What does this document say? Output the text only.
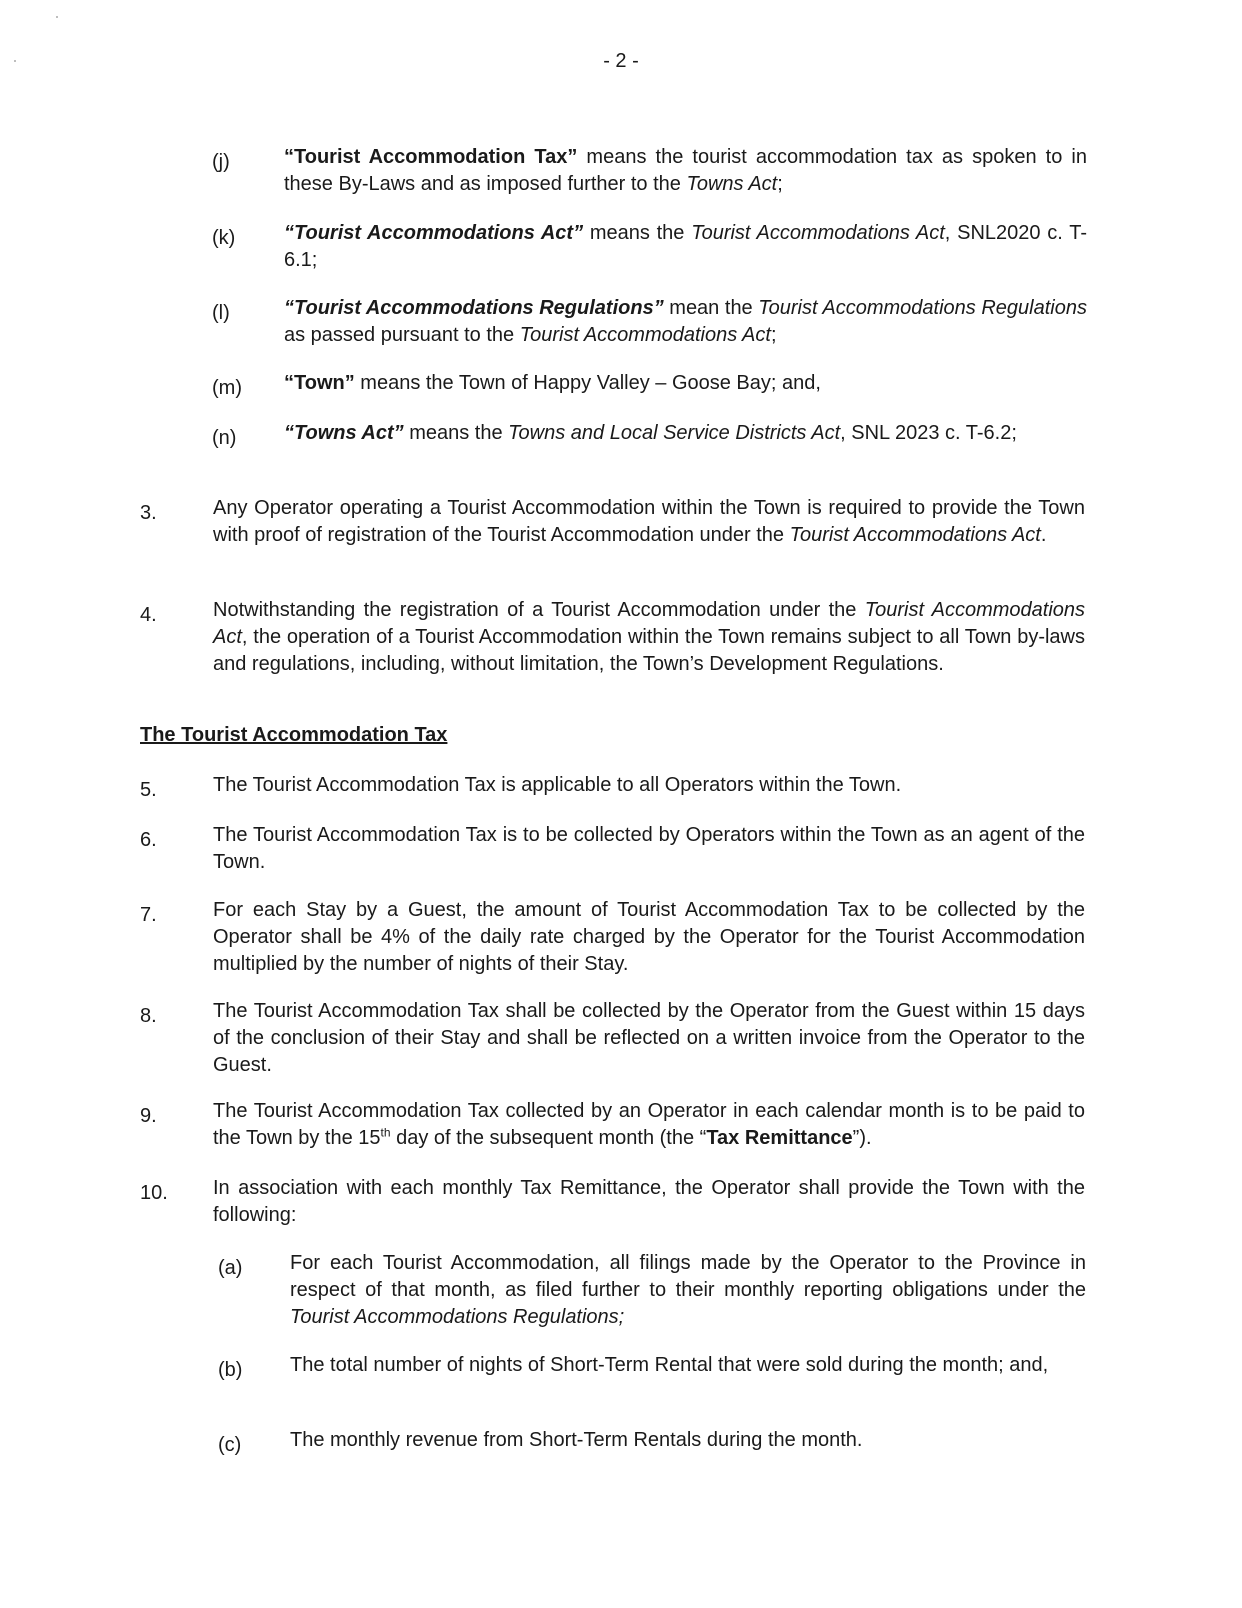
- 2 -
(j)	“Tourist Accommodation Tax” means the tourist accommodation tax as spoken to in these By-Laws and as imposed further to the Towns Act;
(k)	“Tourist Accommodations Act” means the Tourist Accommodations Act, SNL2020 c. T-6.1;
(l)	“Tourist Accommodations Regulations” mean the Tourist Accommodations Regulations as passed pursuant to the Tourist Accommodations Act;
(m)	“Town” means the Town of Happy Valley – Goose Bay; and,
(n)	“Towns Act” means the Towns and Local Service Districts Act, SNL 2023 c. T-6.2;
3.	Any Operator operating a Tourist Accommodation within the Town is required to provide the Town with proof of registration of the Tourist Accommodation under the Tourist Accommodations Act.
4.	Notwithstanding the registration of a Tourist Accommodation under the Tourist Accommodations Act, the operation of a Tourist Accommodation within the Town remains subject to all Town by-laws and regulations, including, without limitation, the Town’s Development Regulations.
The Tourist Accommodation Tax
5.	The Tourist Accommodation Tax is applicable to all Operators within the Town.
6.	The Tourist Accommodation Tax is to be collected by Operators within the Town as an agent of the Town.
7.	For each Stay by a Guest, the amount of Tourist Accommodation Tax to be collected by the Operator shall be 4% of the daily rate charged by the Operator for the Tourist Accommodation multiplied by the number of nights of their Stay.
8.	The Tourist Accommodation Tax shall be collected by the Operator from the Guest within 15 days of the conclusion of their Stay and shall be reflected on a written invoice from the Operator to the Guest.
9.	The Tourist Accommodation Tax collected by an Operator in each calendar month is to be paid to the Town by the 15th day of the subsequent month (the “Tax Remittance”).
10.	In association with each monthly Tax Remittance, the Operator shall provide the Town with the following:
(a)	For each Tourist Accommodation, all filings made by the Operator to the Province in respect of that month, as filed further to their monthly reporting obligations under the Tourist Accommodations Regulations;
(b)	The total number of nights of Short-Term Rental that were sold during the month; and,
(c)	The monthly revenue from Short-Term Rentals during the month.
